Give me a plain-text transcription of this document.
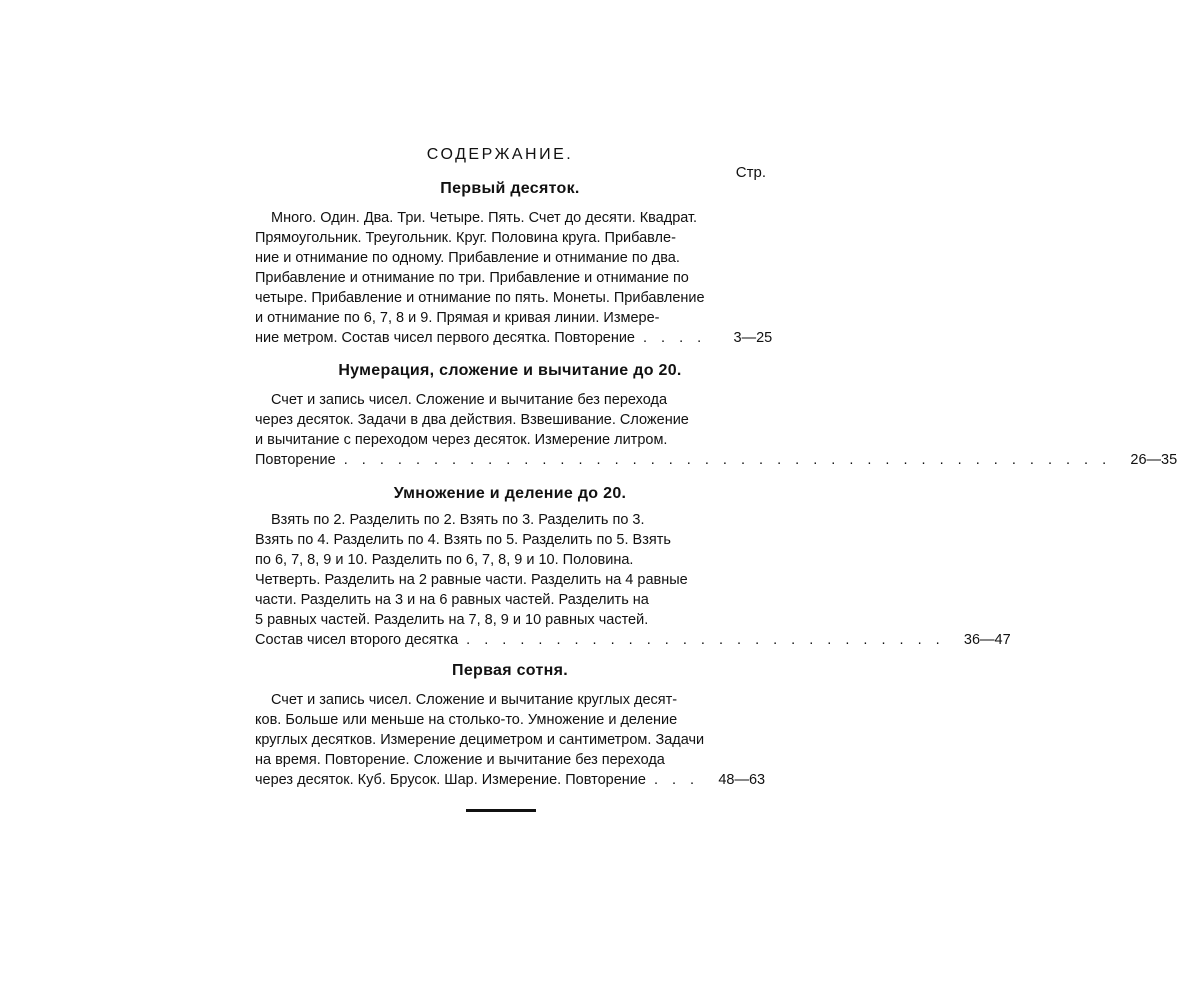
СОДЕРЖАНИЕ.
Стр.
Первый десяток.
Много. Один. Два. Три. Четыре. Пять. Счет до десяти. Квадрат.
Прямоугольник. Треугольник. Круг. Половина круга. Прибавле-
ние и отнимание по одному. Прибавление и отнимание по два.
Прибавление и отнимание по три. Прибавление и отнимание по
четыре. Прибавление и отнимание по пять. Монеты. Прибавление
и отнимание по 6, 7, 8 и 9. Прямая и кривая линии. Измере-
ние метром. Состав чисел первого десятка. Повторение . . . .	3—25
Нумерация, сложение и вычитание до 20.
Счет и запись чисел. Сложение и вычитание без перехода
через десяток. Задачи в два действия. Взвешивание. Сложение
и вычитание с переходом через десяток. Измерение литром.
Повторение . . . . . . . . . . . . . . . . . . . . . . . . . . . . . . . . . . . . . . . . . . .	26—35
Умножение и деление до 20.
Взять по 2. Разделить по 2. Взять по 3. Разделить по 3.
Взять по 4. Разделить по 4. Взять по 5. Разделить по 5. Взять
по 6, 7, 8, 9 и 10. Разделить по 6, 7, 8, 9 и 10. Половина.
Четверть. Разделить на 2 равные части. Разделить на 4 равные
части. Разделить на 3 и на 6 равных частей. Разделить на
5 равных частей. Разделить на 7, 8, 9 и 10 равных частей.
Состав чисел второго десятка . . . . . . . . . . . . . . . . . . . . . . . . . . .	36—47
Первая сотня.
Счет и запись чисел. Сложение и вычитание круглых десят-
ков. Больше или меньше на столько-то. Умножение и деление
круглых десятков. Измерение дециметром и сантиметром. Задачи
на время. Повторение. Сложение и вычитание без перехода
через десяток. Куб. Брусок. Шар. Измерение. Повторение . . .	48—63
